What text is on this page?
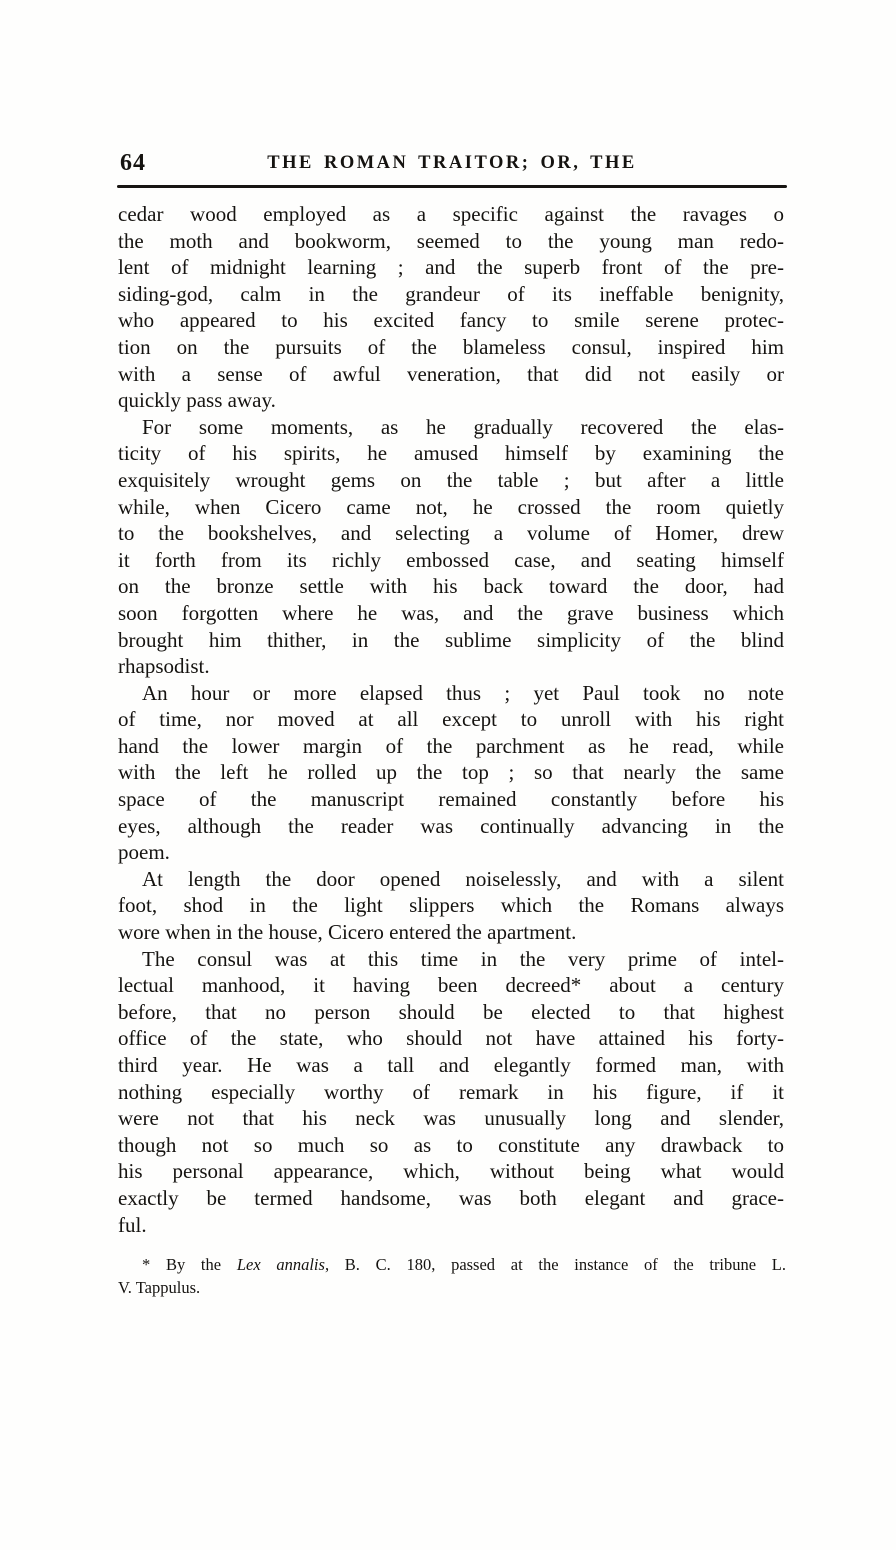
64	THE ROMAN TRAITOR; OR, THE
cedar wood employed as a specific against the ravages o
the moth and bookworm, seemed to the young man redo-
lent of midnight learning ; and the superb front of the pre-
siding-god, calm in the grandeur of its ineffable benignity,
who appeared to his excited fancy to smile serene protec-
tion on the pursuits of the blameless consul, inspired him
with a sense of awful veneration, that did not easily or
quickly pass away.
For some moments, as he gradually recovered the elas-
ticity of his spirits, he amused himself by examining the
exquisitely wrought gems on the table ; but after a little
while, when Cicero came not, he crossed the room quietly
to the bookshelves, and selecting a volume of Homer, drew
it forth from its richly embossed case, and seating himself
on the bronze settle with his back toward the door, had
soon forgotten where he was, and the grave business which
brought him thither, in the sublime simplicity of the blind
rhapsodist.
An hour or more elapsed thus ; yet Paul took no note
of time, nor moved at all except to unroll with his right
hand the lower margin of the parchment as he read, while
with the left he rolled up the top ; so that nearly the same
space of the manuscript remained constantly before his
eyes, although the reader was continually advancing in the
poem.
At length the door opened noiselessly, and with a silent
foot, shod in the light slippers which the Romans always
wore when in the house, Cicero entered the apartment.
The consul was at this time in the very prime of intel-
lectual manhood, it having been decreed* about a century
before, that no person should be elected to that highest
office of the state, who should not have attained his forty-
third year. He was a tall and elegantly formed man, with
nothing especially worthy of remark in his figure, if it
were not that his neck was unusually long and slender,
though not so much so as to constitute any drawback to
his personal appearance, which, without being what would
exactly be termed handsome, was both elegant and grace-
ful.
* By the Lex annalis, B. C. 180, passed at the instance of the tribune L.
V. Tappulus.
